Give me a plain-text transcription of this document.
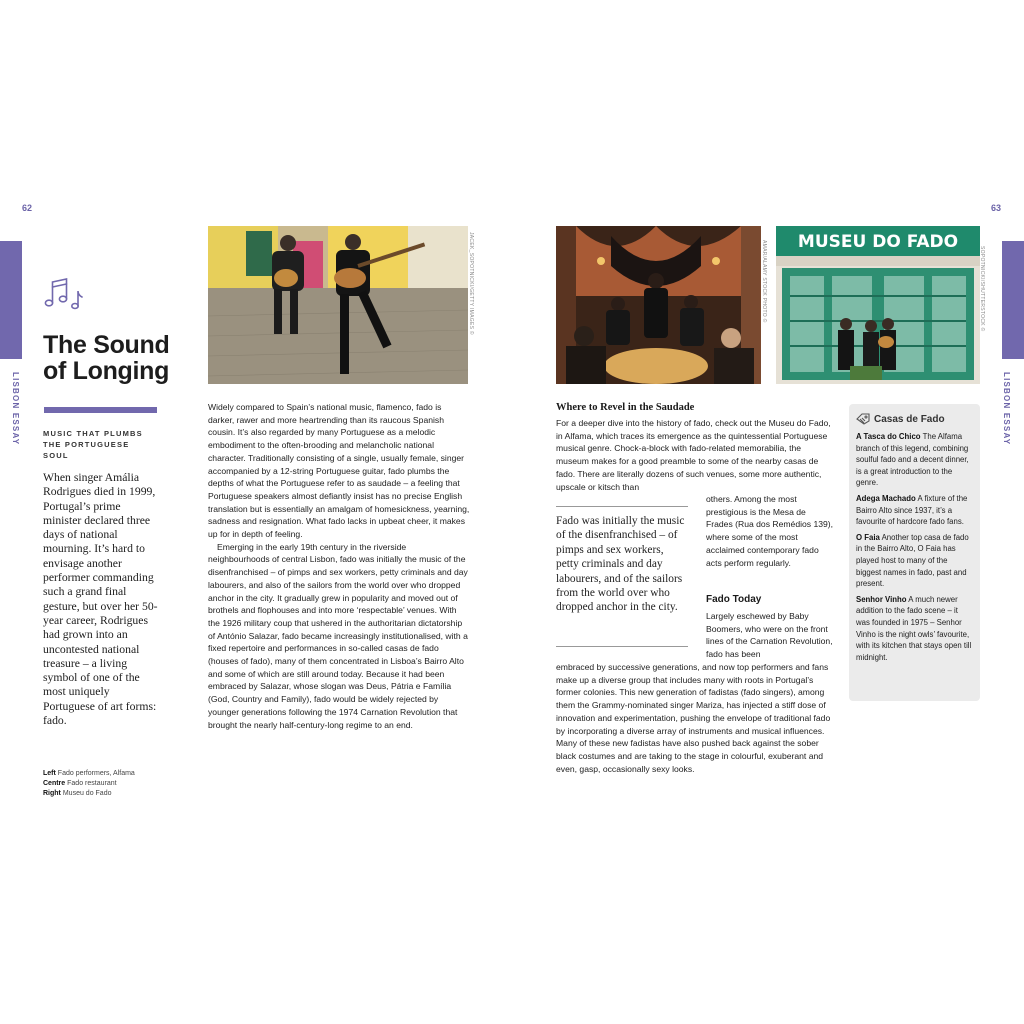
62
LISBON ESSAY
The Sound of Longing
MUSIC THAT PLUMBS THE PORTUGUESE SOUL
When singer Amália Rodrigues died in 1999, Portugal’s prime minister declared three days of national mourning. It’s hard to envisage another performer commanding such a grand final gesture, but over her 50-year career, Rodrigues had grown into an uncontested national treasure – a living symbol of one of the most uniquely Portuguese of art forms: fado.
Left Fado performers, Alfama
Centre Fado restaurant
Right Museu do Fado
JACEK_SOPOTNICKI/GETTY IMAGES ©

Widely compared to Spain’s national music, flamenco, fado is darker, rawer and more heartrending than its raucous Spanish cousin. It’s also regarded by many Portuguese as a melodic embodiment to the often-brooding and melancholic national character. Traditionally consisting of a single, usually female, singer accompanied by a 12-string Portuguese guitar, fado plumbs the depths of what the Portuguese refer to as saudade – a feeling that Portuguese speakers almost defiantly insist has no precise English translation but is essentially an amalgam of homesickness, yearning, sadness and resignation. What fado lacks in upbeat cheer, it makes up for in depth of feeling.

Emerging in the early 19th century in the riverside neighbourhoods of central Lisbon, fado was initially the music of the disenfranchised – of pimps and sex workers, petty criminals and day labourers, and also of the sailors from the world over who dropped anchor in the city. It gradually grew in popularity and moved out of brothels and flophouses and into more ‘respectable’ venues. With the 1926 military coup that ushered in the authoritarian dictatorship of António Salazar, fado became increasingly institutionalised, with a fixed repertoire and performances in so-called casas de fado (houses of fado), many of them concentrated in Lisboa’s Bairro Alto and some of which are still around today. Because it had been embraced by Salazar, whose slogan was Deus, Pátria e Família (God, Country and Family), fado would be widely rejected by younger generations following the 1974 Carnation Revolution that brought the nearly half-century-long regime to an end.

63
LISBON ESSAY
AMAR/ALAMY STOCK PHOTO © MUSEU DO FADO
SOPOTNICKI/SHUTTERSTOCK ©
Where to Revel in the Saudade
For a deeper dive into the history of fado, check out the Museu do Fado, in Alfama, which traces its emergence as the quintessential Portuguese musical genre. Chock-a-block with fado-related memorabilia, the museum makes for a good preamble to some of the nearby casas de fado. There are literally dozens of such venues, some more authentic, upscale or kitsch than
Fado was initially the music of the disenfranchised – of pimps and sex workers, petty criminals and day labourers, and of the sailors from the world over who dropped anchor in the city.
others. Among the most prestigious is the Mesa de Frades (Rua dos Remédios 139), where some of the most acclaimed contemporary fado acts perform regularly.
Fado Today
Largely eschewed by Baby Boomers, who were on the front lines of the Carnation Revolution, fado has been
embraced by successive generations, and now top performers and fans make up a diverse group that includes many with roots in Portugal’s former colonies. This new generation of fadistas (fado singers), among them the Grammy-nominated singer Mariza, has injected a stiff dose of innovation and experimentation, pushing the envelope of traditional fado by incorporating a diverse array of instruments and musical influences. Many of these new fadistas have also pushed back against the sober black costumes and are taking to the stage in colourful, exuberant and even, gasp, occasionally sexy looks.
Casas de Fado
A Tasca do Chico The Alfama branch of this legend, combining soulful fado and a decent dinner, is a great introduction to the genre.
Adega Machado A fixture of the Bairro Alto since 1937, it’s a favourite of hardcore fado fans.
O Faia Another top casa de fado in the Bairro Alto, O Faia has played host to many of the biggest names in fado, past and present.
Senhor Vinho A much newer addition to the fado scene – it was founded in 1975 – Senhor Vinho is the night owls’ favourite, with its kitchen that stays open till midnight.
